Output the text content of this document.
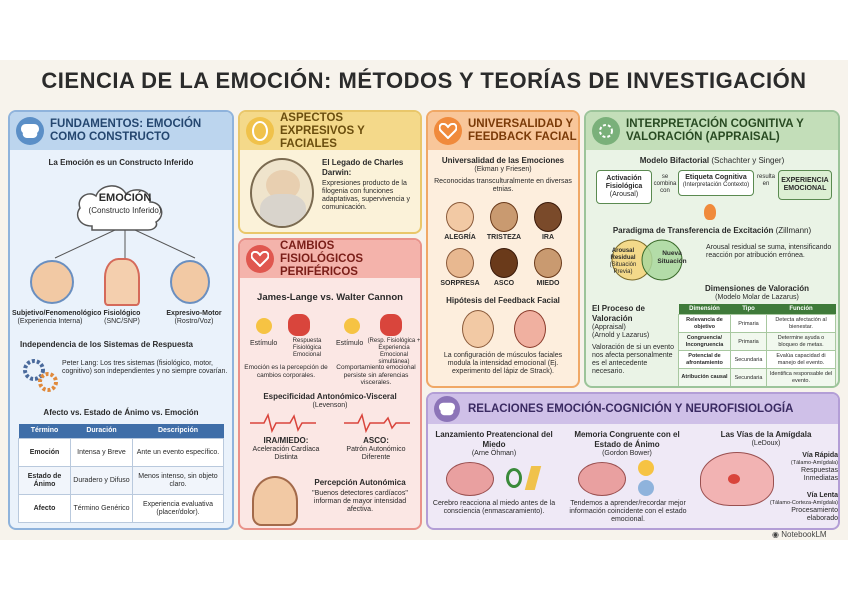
CIENCIA DE LA EMOCIÓN: MÉTODOS Y TEORÍAS DE INVESTIGACIÓN
FUNDAMENTOS: EMOCIÓN COMO CONSTRUCTO
La Emoción es un Constructo Inferido
EMOCIÓN
(Constructo Inferido)
Subjetivo/Fenomenológico
(Experiencia Interna)
Fisiológico
(SNC/SNP)
Expresivo-Motor
(Rostro/Voz)
Independencia de los Sistemas de Respuesta
Peter Lang: Los tres sistemas (fisiológico, motor, cognitivo) son independientes y no siempre covarían.
Afecto vs. Estado de Ánimo vs. Emoción
Término	Duración	Descripción
Emoción	Intensa y Breve	Ante un evento específico.
Estado de Ánimo	Duradero y Difuso	Menos intenso, sin objeto claro.
Afecto	Término Genérico	Experiencia evaluativa (placer/dolor).
ASPECTOS EXPRESIVOS Y FACIALES
El Legado de Charles Darwin:
Expresiones producto de la filogenia con funciones adaptativas, supervivencia y comunicación.
CAMBIOS FISIOLÓGICOS PERIFÉRICOS
James-Lange vs. Walter Cannon
Estímulo	Respuesta Fisiológica Emocional
Estímulo (Resp. Fisiológica + Experiencia Emocional simultánea)
Emoción es la percepción de cambios corporales.
Comportamiento emocional persiste sin aferencias viscerales.
Especificidad Antonómico-Visceral
(Levenson)
IRA/MIEDO:
Aceleración Cardíaca Distinta
ASCO:
Patrón Autonómico Diferente
Percepción Autonómica
"Buenos detectores cardíacos" informan de mayor intensidad afectiva.
UNIVERSALIDAD Y FEEDBACK FACIAL
Universalidad de las Emociones
(Ekman y Friesen)
Reconocidas transculturalmente en diversas etnias.
ALEGRÍA	TRISTEZA	IRA
SORPRESA	ASCO	MIEDO
Hipótesis del Feedback Facial
La configuración de músculos faciales modula la intensidad emocional (Ej. experimento del lápiz de Strack).
INTERPRETACIÓN COGNITIVA Y VALORACIÓN (APPRAISAL)
Modelo Bifactorial (Schachter y Singer)
Activación Fisiológica
(Arousal)
se combina con
Etiqueta Cognitiva
(Interpretación Contexto)
resulta en	EXPERIENCIA EMOCIONAL
Paradigma de Transferencia de Excitación (Zillmann)
Arousal Residual
(Situación Previa)
Nueva Situación
Arousal residual se suma, intensificando reacción por atribución errónea.
Dimensiones de Valoración
(Modelo Molar de Lazarus)
El Proceso de Valoración
(Appraisal)
(Arnold y Lazarus)
Valoración de si un evento nos afecta personalmente es el antecedente necesario.
Dimensión	Tipo	Función
Relevancia de objetivo	Primaria	Detecta afectación al bienestar.
Congruencia/ Incongruencia	Primaria	Determine ayuda o bloqueo de metas.
Potencial de afrontamiento	Secundaria	Evalúa capacidad di manejo del evento.
Atribución causal	Secundaria	Identifica responsable del evento.
RELACIONES EMOCIÓN-COGNICIÓN Y NEUROFISIOLOGÍA
Lanzamiento Preatencional del Miedo
(Arne Öhman)
Cerebro reacciona al miedo antes de la consciencia (enmascaramiento).
Memoria Congruente con el Estado de Ánimo
(Gordon Bower)
Tendemos a aprender/recordar mejor información coincidente con el estado emocional.
Las Vías de la Amígdala
(LeDoux)
Vía Rápida
(Tálamo-Amígdala)
Respuestas Inmediatas
Vía Lenta
(Tálamo-Corteza-Amígdala)
Procesamiento elaborado
◉ NotebookLM
